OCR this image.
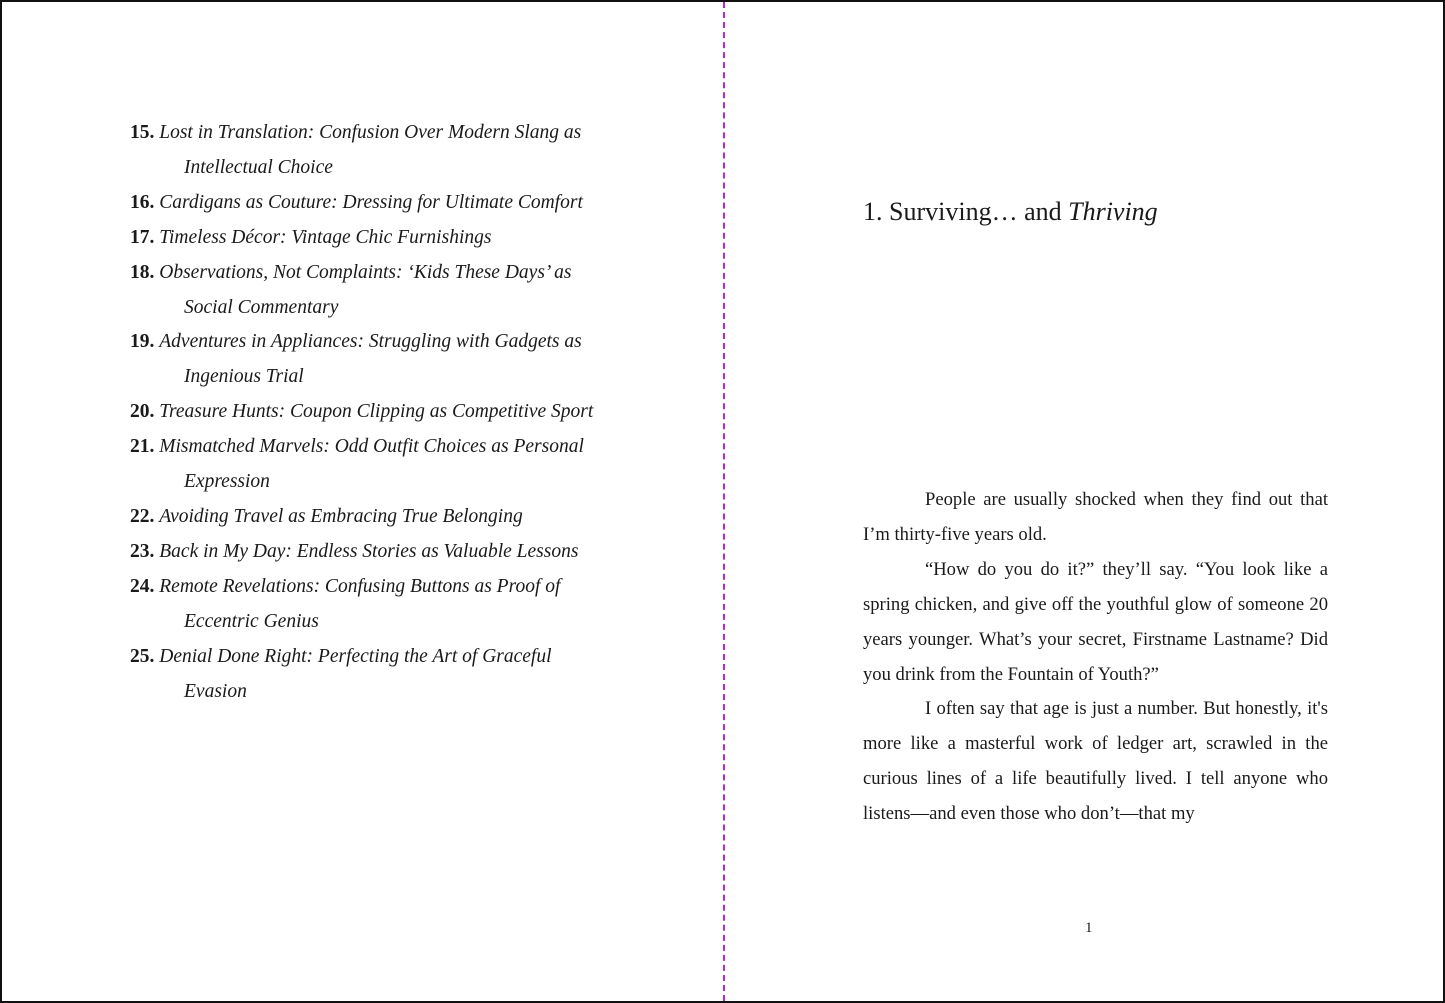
15. Lost in Translation: Confusion Over Modern Slang as Intellectual Choice
16. Cardigans as Couture: Dressing for Ultimate Comfort
17. Timeless Décor: Vintage Chic Furnishings
18. Observations, Not Complaints: ‘Kids These Days’ as Social Commentary
19. Adventures in Appliances: Struggling with Gadgets as Ingenious Trial
20. Treasure Hunts: Coupon Clipping as Competitive Sport
21. Mismatched Marvels: Odd Outfit Choices as Personal Expression
22. Avoiding Travel as Embracing True Belonging
23. Back in My Day: Endless Stories as Valuable Lessons
24. Remote Revelations: Confusing Buttons as Proof of Eccentric Genius
25. Denial Done Right: Perfecting the Art of Graceful Evasion
1. Surviving… and Thriving

People are usually shocked when they find out that I’m thirty-five years old.

“How do you do it?” they’ll say. “You look like a spring chicken, and give off the youthful glow of someone 20 years younger. What’s your secret, Firstname Lastname? Did you drink from the Fountain of Youth?”

I often say that age is just a number. But honestly, it's more like a masterful work of ledger art, scrawled in the curious lines of a life beautifully lived. I tell anyone who listens—and even those who don’t—that my

1
